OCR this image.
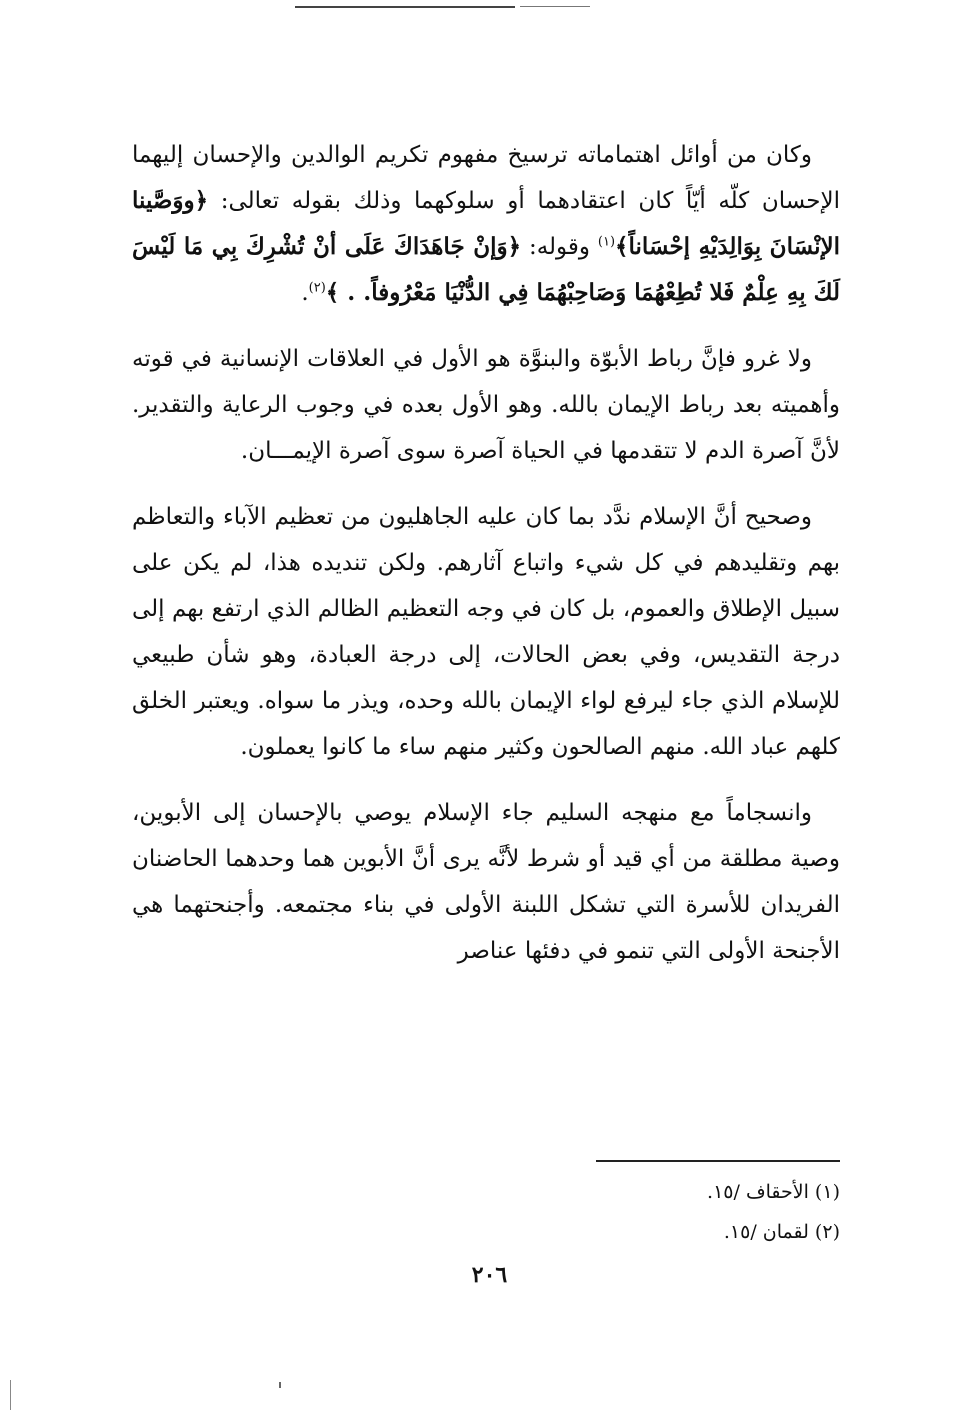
وكان من أوائل اهتماماته ترسيخ مفهوم تكريم الوالدين والإحسان إليهما الإحسان كلّه أيّاً كان اعتقادهما أو سلوكهما وذلك بقوله تعالى: ﴿ووَصَّينا الإنْسَانَ بِوَالِدَيْهِ إحْسَاناً﴾$^{(١)}$ وقوله: ﴿وَإنْ جَاهَدَاكَ عَلَى أنْ تُشْرِكَ بِي مَا لَيْسَ لَكَ بِهِ عِلْمٌ فَلا تُطِعْهُمَا وَصَاحِبْهُمَا فِي الدُّنْيَا مَعْرُوفاً. . ﴾$^{(٢)}$.

ولا غرو فإنَّ رباط الأبوّة والبنوَّة هو الأول في العلاقات الإنسانية في قوته وأهميته بعد رباط الإيمان بالله. وهو الأول بعده في وجوب الرعاية والتقدير. لأنَّ آصرة الدم لا تتقدمها في الحياة آصرة سوى آصرة الإيمـــان.

وصحيح أنَّ الإسلام ندَّد بما كان عليه الجاهليون من تعظيم الآباء والتعاظم بهم وتقليدهم في كل شيء واتباع آثارهم. ولكن تنديده هذا، لم يكن على سبيل الإطلاق والعموم، بل كان في وجه التعظيم الظالم الذي ارتفع بهم إلى درجة التقديس، وفي بعض الحالات، إلى درجة العبادة، وهو شأن طبيعي للإسلام الذي جاء ليرفع لواء الإيمان بالله وحده، ويذر ما سواه. ويعتبر الخلق كلهم عباد الله. منهم الصالحون وكثير منهم ساء ما كانوا يعملون.

وانسجاماً مع منهجه السليم جاء الإسلام يوصي بالإحسان إلى الأبوين، وصية مطلقة من أي قيد أو شرط لأنَّه يرى أنَّ الأبوين هما وحدهما الحاضنان الفريدان للأسرة التي تشكل اللبنة الأولى في بناء مجتمعه. وأجنحتهما هي الأجنحة الأولى التي تنمو في دفئها عناصر

(١) الأحقاف /١٥.

(٢) لقمان /١٥.

٢٠٦
